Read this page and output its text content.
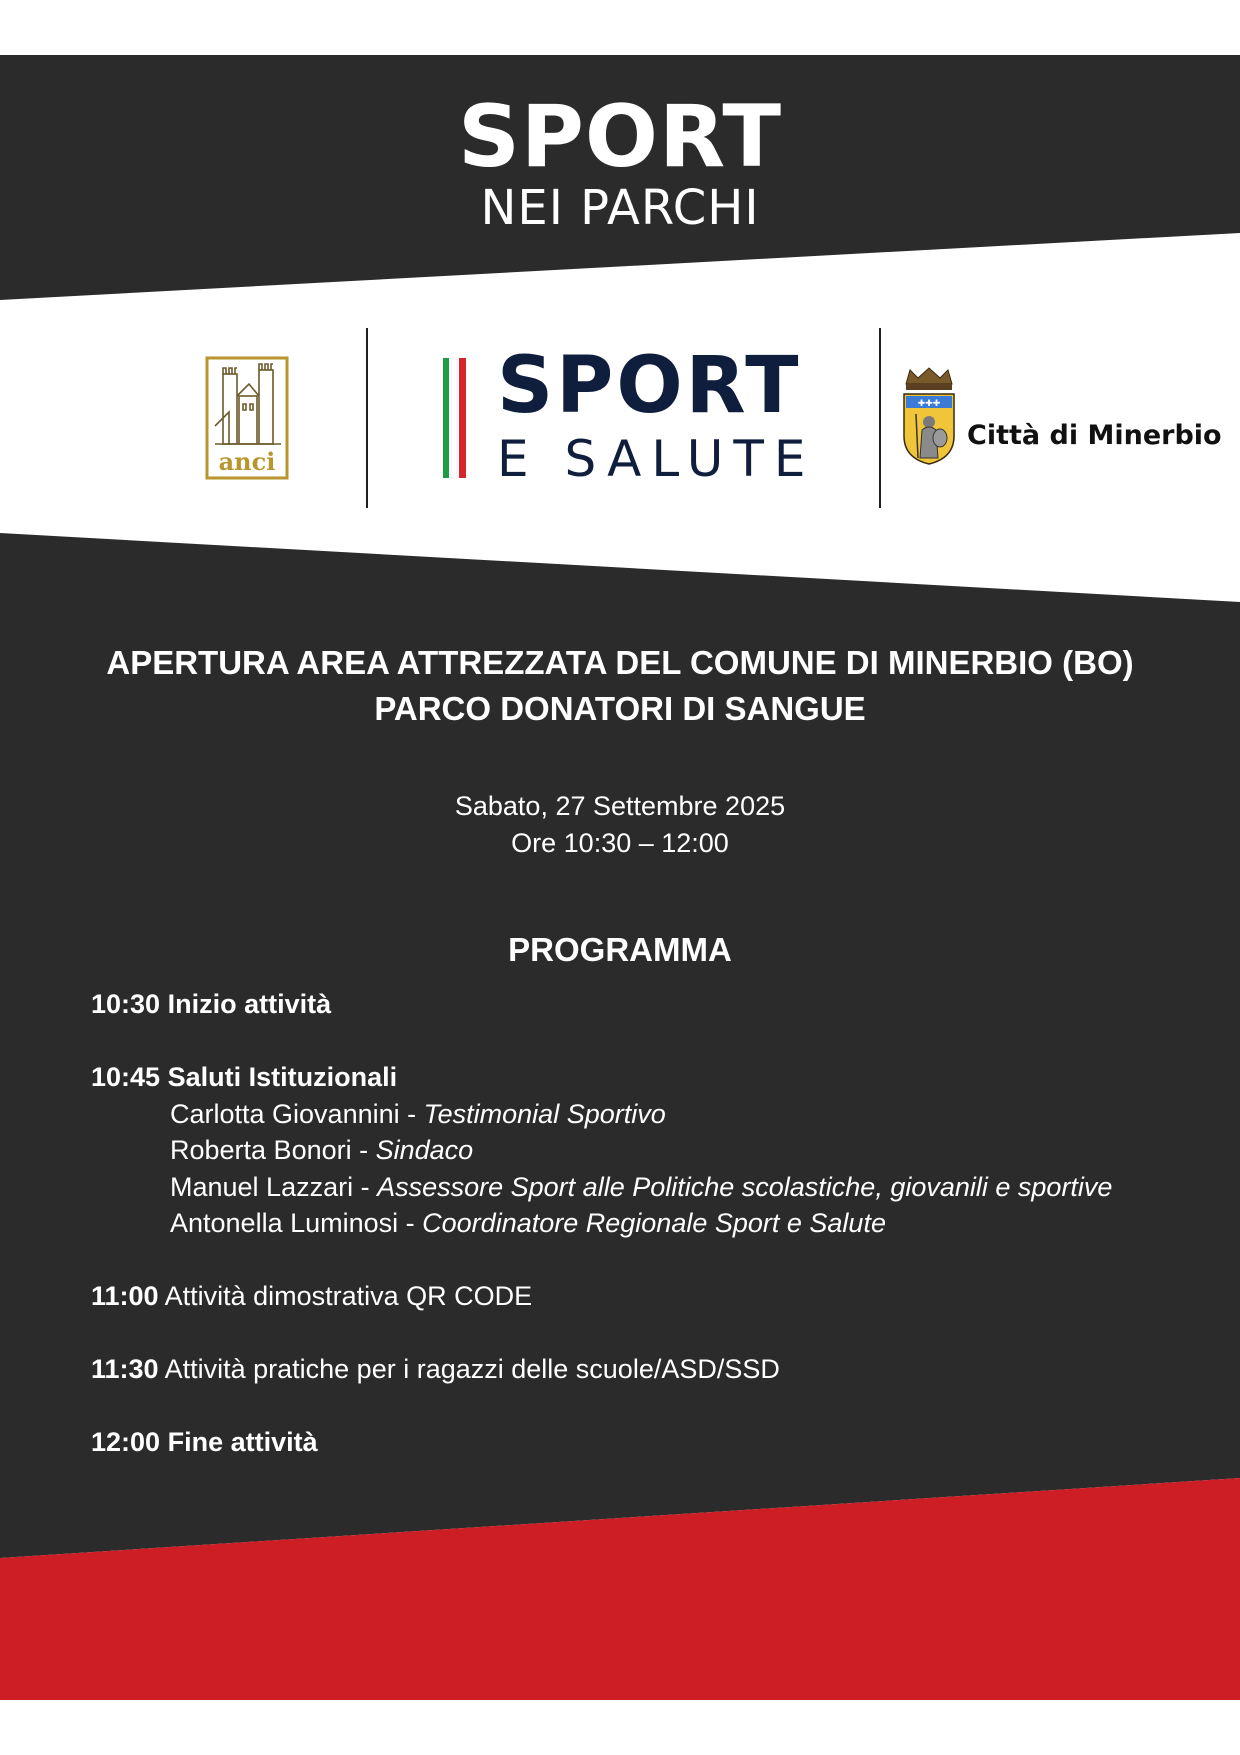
SPORT
NEI PARCHI
anci
SPORT
E SALUTE
✚✚✚
Città di Minerbio
APERTURA AREA ATTREZZATA DEL COMUNE DI MINERBIO (BO)
PARCO DONATORI DI SANGUE
Sabato, 27 Settembre 2025
Ore 10:30 – 12:00
PROGRAMMA
10:30 Inizio attività
10:45 Saluti Istituzionali
Carlotta Giovannini - Testimonial Sportivo
Roberta Bonori - Sindaco
Manuel Lazzari - Assessore Sport alle Politiche scolastiche, giovanili e sportive
Antonella Luminosi - Coordinatore Regionale Sport e Salute
11:00 Attività dimostrativa QR CODE
11:30 Attività pratiche per i ragazzi delle scuole/ASD/SSD
12:00 Fine attività
